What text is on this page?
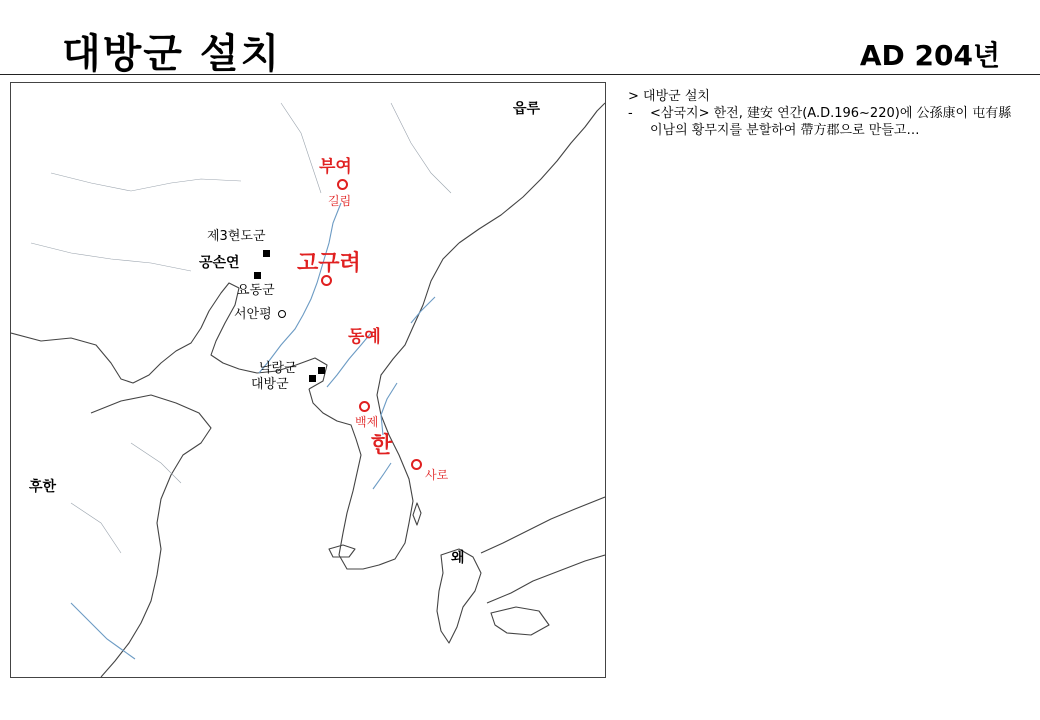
대방군 설치	AD 204년
읍루
부여
길림
제3현도군
공손연
요동군
고구려
서안평
동예
낙랑군
대방군
백제
한
사로
후한
왜
> 대방군 설치
- <삼국지> 한전, 建安 연간(A.D.196~220)에 公孫康이 屯有縣
이남의 황무지를 분할하여 帶方郡으로 만들고…
